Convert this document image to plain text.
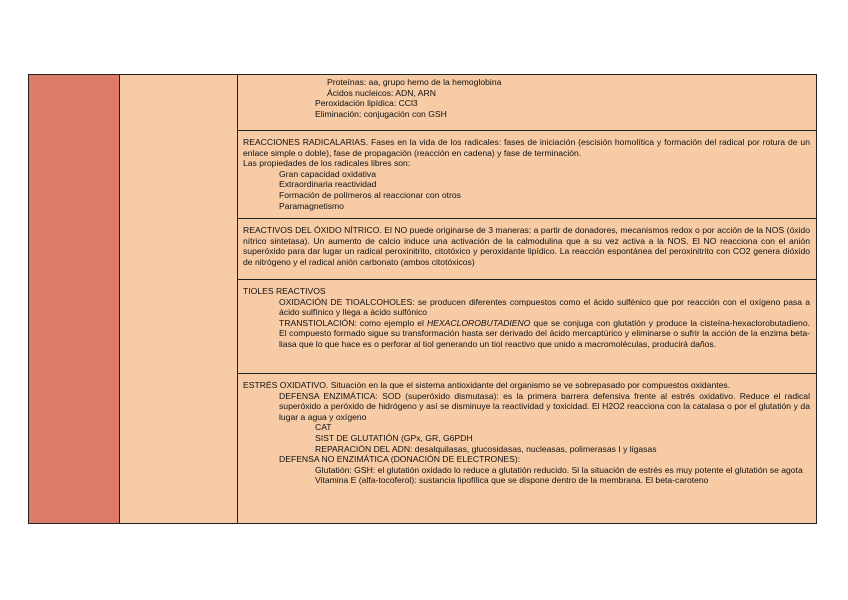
- Proteínas: aa, grupo hemo de la hemoglobina
- Ácidos nucleicos: ADN, ARN
- Peroxidación lipídica: CCl3
- Eliminación: conjugación con GSH
REACCIONES RADICALARIAS. Fases en la vida de los radicales: fases de iniciación (escisión homolítica y formación del radical por rotura de un enlace simple o doble), fase de propagación (reacción en cadena) y fase de terminación.
Las propiedades de los radicales libres son:
- Gran capacidad oxidativa
- Extraordinaria reactividad
- Formación de polímeros al reaccionar con otros
- Paramagnetismo
REACTIVOS DEL ÓXIDO NÍTRICO. El NO puede originarse de 3 maneras: a partir de donadores, mecanismos redox o por acción de la NOS (óxido nítrico sintetasa). Un aumento de calcio induce una activación de la calmodulina que a su vez activa a la NOS. El NO reacciona con el anión superóxido para dar lugar un radical peroxinitrito, citotóxico y peroxidante lipídico. La reacción espontánea del peroxinitrito con CO2 genera dióxido de nitrógeno y el radical anión carbonato (ambos citotóxicos)
TIOLES REACTIVOS
- OXIDACIÓN DE TIOALCOHOLES: se producen diferentes compuestos como el ácido sulfénico que por reacción con el oxígeno pasa a ácido sulfínico y llega a ácido sulfónico
- TRANSTIOLACIÓN: como ejemplo el HEXACLOROBUTADIENO que se conjuga con glutatión y produce la cisteína-hexaclorobutadieno. El compuesto formado sigue su transformación hasta ser derivado del ácido mercaptúrico y eliminarse o sufrir la acción de la enzima beta-liasa que lo que hace es o perforar al tiol generando un tiol reactivo que unido a macromoléculas, producirá daños.
ESTRÉS OXIDATIVO. Situación en la que el sistema antioxidante del organismo se ve sobrepasado por compuestos oxidantes.
- DEFENSA ENZIMÁTICA: SOD (superóxido dismutasa): es la primera barrera defensiva frente al estrés oxidativo. Reduce el radical superóxido a peróxido de hidrógeno y así se disminuye la reactividad y toxicidad. El H2O2 reacciona con la catalasa o por el glutatión y da lugar a agua y oxígeno
- CAT
- SIST DE GLUTATIÓN (GPx, GR, G6PDH
- REPARACIÓN DEL ADN: desalquilasas, glucosidasas, nucleasas, polimerasas I y ligasas
- DEFENSA NO ENZIMÁTICA (DONACIÓN DE ELECTRONES):
- Glutatión: GSH: el glutatión oxidado lo reduce a glutatión reducido. Si la situación de estrés es muy potente el glutatión se agota
- Vitamina E (alfa-tocoferol): sustancia lipofílica que se dispone dentro de la membrana. El beta-caroteno
